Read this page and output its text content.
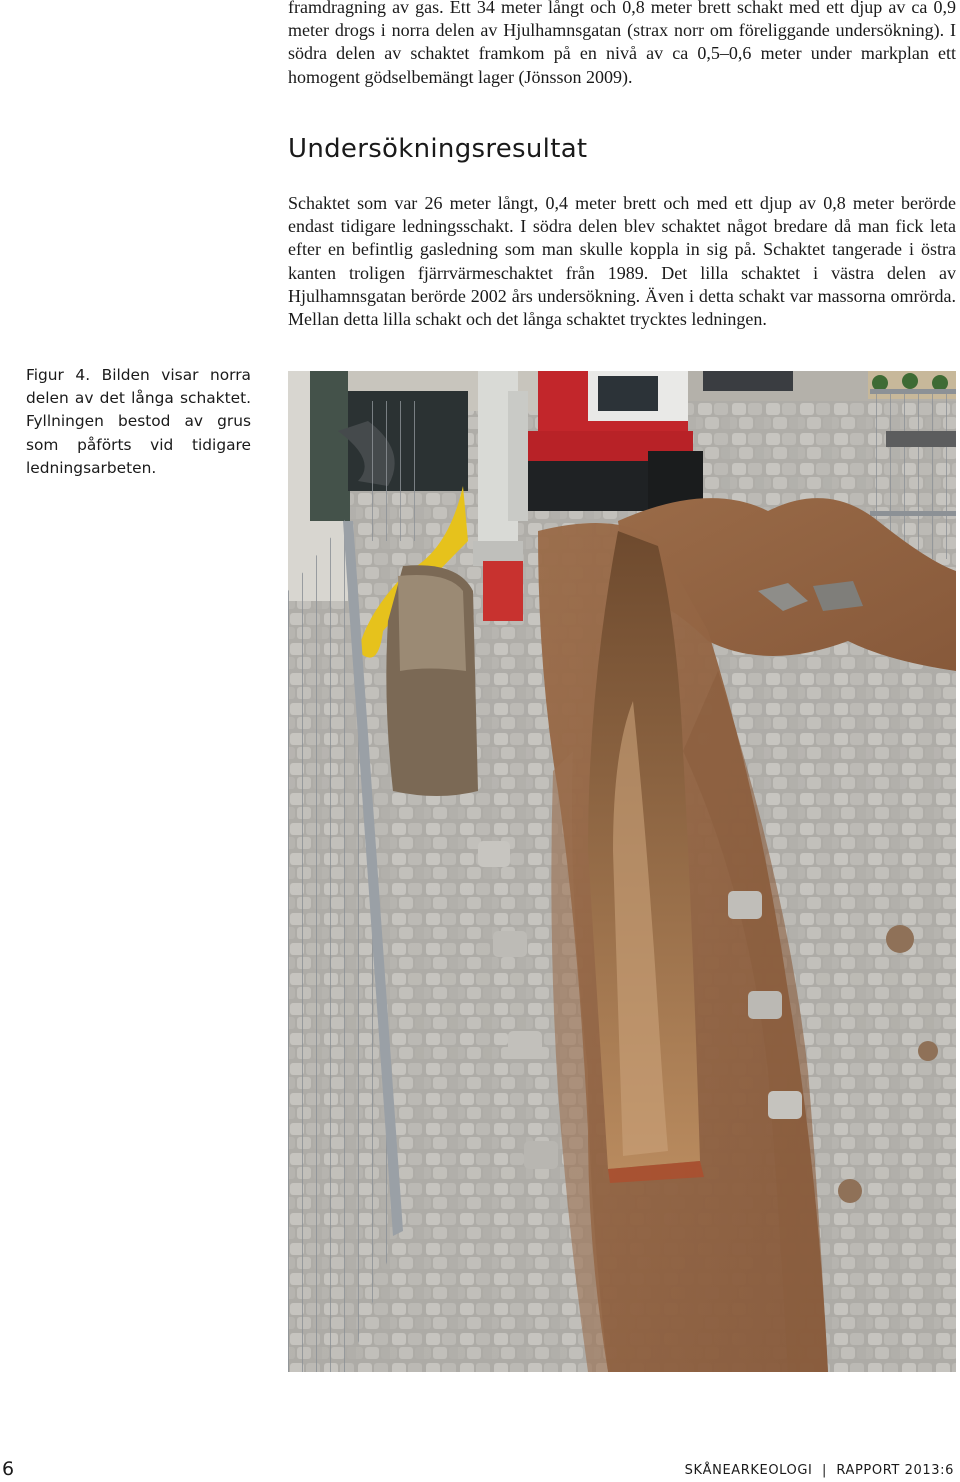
framdragning av gas. Ett 34 meter långt och 0,8 meter brett schakt med ett djup av ca 0,9 meter drogs i norra delen av Hjulhamnsgatan (strax norr om föreliggande undersökning). I södra delen av schaktet framkom på en nivå av ca 0,5–0,6 meter under markplan ett homogent gödselbemängt lager (Jönsson 2009).

Undersökningsresultat

Schaktet som var 26 meter långt, 0,4 meter brett och med ett djup av 0,8 meter berörde endast tidigare ledningsschakt. I södra delen blev schaktet något bredare då man fick leta efter en befintlig gasledning som man skulle koppla in sig på. Schaktet tangerade i östra kanten troligen fjärrvärmeschaktet från 1989. Det lilla schaktet i västra delen av Hjulhamnsgatan berörde 2002 års undersökning. Även i detta schakt var massorna omrörda. Mellan detta lilla schakt och det långa schaktet trycktes ledningen.

Figur 4. Bilden visar norra delen av det långa schaktet. Fyllningen bestod av grus som påförts vid tidigare ledningsarbeten.

6	SKÅNEARKEOLOGI  |  RAPPORT 2013:6
